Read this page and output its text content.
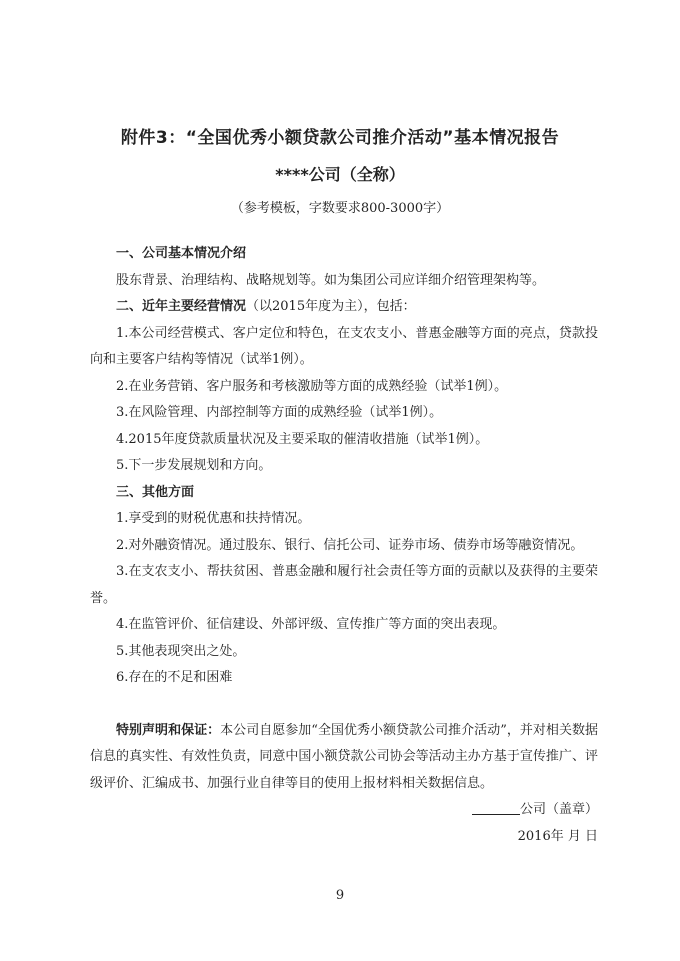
附件3：“全国优秀小额贷款公司推介活动”基本情况报告
****公司（全称）
（参考模板，字数要求800-3000字）

一、公司基本情况介绍

股东背景、治理结构、战略规划等。如为集团公司应详细介绍管理架构等。

二、近年主要经营情况（以2015年度为主），包括：

1.本公司经营模式、客户定位和特色，在支农支小、普惠金融等方面的亮点，贷款投向和主要客户结构等情况（试举1例）。

2.在业务营销、客户服务和考核激励等方面的成熟经验（试举1例）。

3.在风险管理、内部控制等方面的成熟经验（试举1例）。

4.2015年度贷款质量状况及主要采取的催清收措施（试举1例）。

5.下一步发展规划和方向。

三、其他方面

1.享受到的财税优惠和扶持情况。

2.对外融资情况。通过股东、银行、信托公司、证券市场、债券市场等融资情况。

3.在支农支小、帮扶贫困、普惠金融和履行社会责任等方面的贡献以及获得的主要荣誉。

4.在监管评价、征信建设、外部评级、宣传推广等方面的突出表现。

5.其他表现突出之处。

6.存在的不足和困难

特别声明和保证：本公司自愿参加“全国优秀小额贷款公司推介活动”，并对相关数据信息的真实性、有效性负责，同意中国小额贷款公司协会等活动主办方基于宣传推广、评级评价、汇编成书、加强行业自律等目的使用上报材料相关数据信息。

公司（盖章）

2016年 月 日

9
